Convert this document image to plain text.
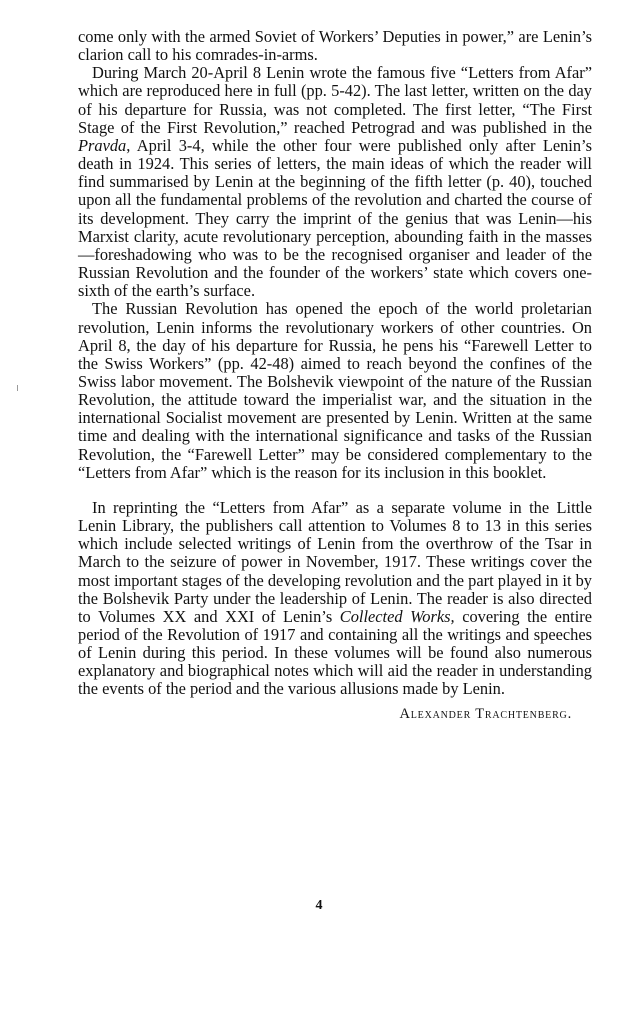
come only with the armed Soviet of Workers’ Deputies in power,” are Lenin’s clarion call to his comrades-in-arms.

During March 20-April 8 Lenin wrote the famous five “Letters from Afar” which are reproduced here in full (pp. 5-42). The last letter, written on the day of his departure for Russia, was not completed. The first letter, “The First Stage of the First Revolution,” reached Petrograd and was published in the Pravda, April 3-4, while the other four were published only after Lenin’s death in 1924. This series of letters, the main ideas of which the reader will find summarised by Lenin at the beginning of the fifth letter (p. 40), touched upon all the fundamental problems of the revolution and charted the course of its development. They carry the imprint of the genius that was Lenin—his Marxist clarity, acute revolutionary perception, abounding faith in the masses—foreshadowing who was to be the recognised organiser and leader of the Russian Revolution and the founder of the workers’ state which covers one-sixth of the earth’s surface.

The Russian Revolution has opened the epoch of the world proletarian revolution, Lenin informs the revolutionary workers of other countries. On April 8, the day of his departure for Russia, he pens his “Farewell Letter to the Swiss Workers” (pp. 42-48) aimed to reach beyond the confines of the Swiss labor movement. The Bolshevik viewpoint of the nature of the Russian Revolution, the attitude toward the imperialist war, and the situation in the international Socialist movement are presented by Lenin. Written at the same time and dealing with the international significance and tasks of the Russian Revolution, the “Farewell Letter” may be considered complementary to the “Letters from Afar” which is the reason for its inclusion in this booklet.

In reprinting the “Letters from Afar” as a separate volume in the Little Lenin Library, the publishers call attention to Volumes 8 to 13 in this series which include selected writings of Lenin from the overthrow of the Tsar in March to the seizure of power in November, 1917. These writings cover the most important stages of the developing revolution and the part played in it by the Bolshevik Party under the leadership of Lenin. The reader is also directed to Volumes XX and XXI of Lenin’s Collected Works, covering the entire period of the Revolution of 1917 and containing all the writings and speeches of Lenin during this period. In these volumes will be found also numerous explanatory and biographical notes which will aid the reader in understanding the events of the period and the various allusions made by Lenin.

Alexander Trachtenberg.
4
